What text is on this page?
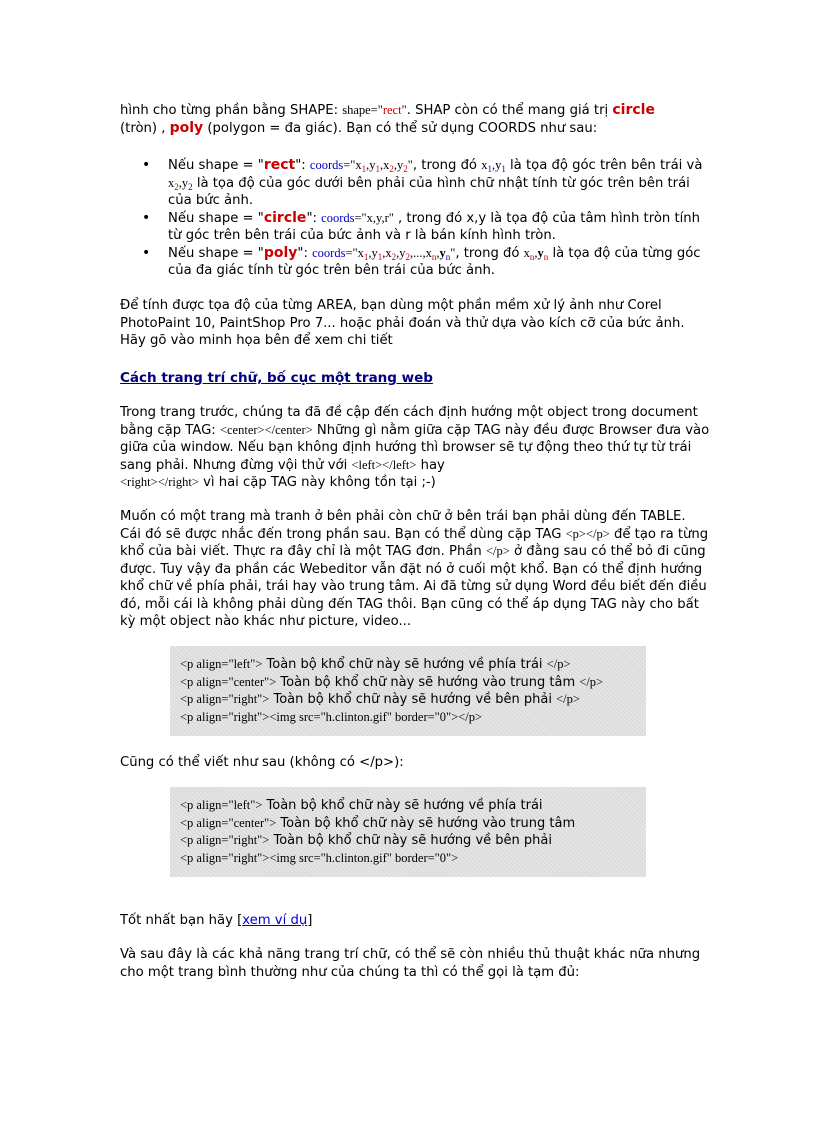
hình cho từng phần bằng SHAPE: shape="rect". SHAP còn có thể mang giá trị circle
(tròn) , poly (polygon = đa giác). Bạn có thể sử dụng COORDS như sau:

• Nếu shape = "rect": $coords="x_1,y_1,x_2,y_2$", trong đó $x_1,y_1$ là tọa độ góc trên bên trái và $x_2,y_2$ là tọa độ của góc dưới bên phải của hình chữ nhật tính từ góc trên bên trái của bức ảnh.
• Nếu shape = "circle": coords="x,y,r" , trong đó x,y là tọa độ của tâm hình tròn tính từ góc trên bên trái của bức ảnh và r là bán kính hình tròn.
• Nếu shape = "poly": $coords="x_1,y_1,x_2,y_2,...,x_n,y_n$", trong đó $x_n,y_n$ là tọa độ của từng góc của đa giác tính từ góc trên bên trái của bức ảnh.

Để tính được tọa độ của từng AREA, bạn dùng một phần mềm xử lý ảnh như Corel PhotoPaint 10, PaintShop Pro 7... hoặc phải đoán và thử dựa vào kích cỡ của bức ảnh. Hãy gõ vào minh họa bên để xem chi tiết

Cách trang trí chữ, bố cục một trang web

Trong trang trước, chúng ta đã đề cập đến cách định hướng một object trong document bằng cặp TAG: <center></center> Những gì nằm giữa cặp TAG này đều được Browser đưa vào giữa của window. Nếu bạn không định hướng thì browser sẽ tự động theo thứ tự từ trái sang phải. Nhưng đừng vội thử với <left></left> hay
<right></right> vì hai cặp TAG này không tồn tại ;-)

Muốn có một trang mà tranh ở bên phải còn chữ ở bên trái bạn phải dùng đến TABLE. Cái đó sẽ được nhắc đến trong phần sau. Bạn có thể dùng cặp TAG <p></p> để tạo ra từng khổ của bài viết. Thực ra đây chỉ là một TAG đơn. Phần </p> ở đằng sau có thể bỏ đi cũng được. Tuy vậy đa phần các Webeditor vẫn đặt nó ở cuối một khổ. Bạn có thể định hướng khổ chữ về phía phải, trái hay vào trung tâm. Ai đã từng sử dụng Word đều biết đến điều đó, mỗi cái là không phải dùng đến TAG thôi. Bạn cũng có thể áp dụng TAG này cho bất kỳ một object nào khác như picture, video...

Cũng có thể viết như sau (không có </p>):

Tốt nhất bạn hãy [xem ví dụ]

Và sau đây là các khả năng trang trí chữ, có thể sẽ còn nhiều thủ thuật khác nữa nhưng cho một trang bình thường như của chúng ta thì có thể gọi là tạm đủ:

<p align="left"> Toàn bộ khổ chữ này sẽ hướng về phía trái </p>
<p align="center"> Toàn bộ khổ chữ này sẽ hướng vào trung tâm </p>
<p align="right"> Toàn bộ khổ chữ này sẽ hướng về bên phải </p>
<p align="right"><img src="h.clinton.gif" border="0"></p>
<p align="left"> Toàn bộ khổ chữ này sẽ hướng về phía trái
<p align="center"> Toàn bộ khổ chữ này sẽ hướng vào trung tâm
<p align="right"> Toàn bộ khổ chữ này sẽ hướng về bên phải
<p align="right"><img src="h.clinton.gif" border="0">
